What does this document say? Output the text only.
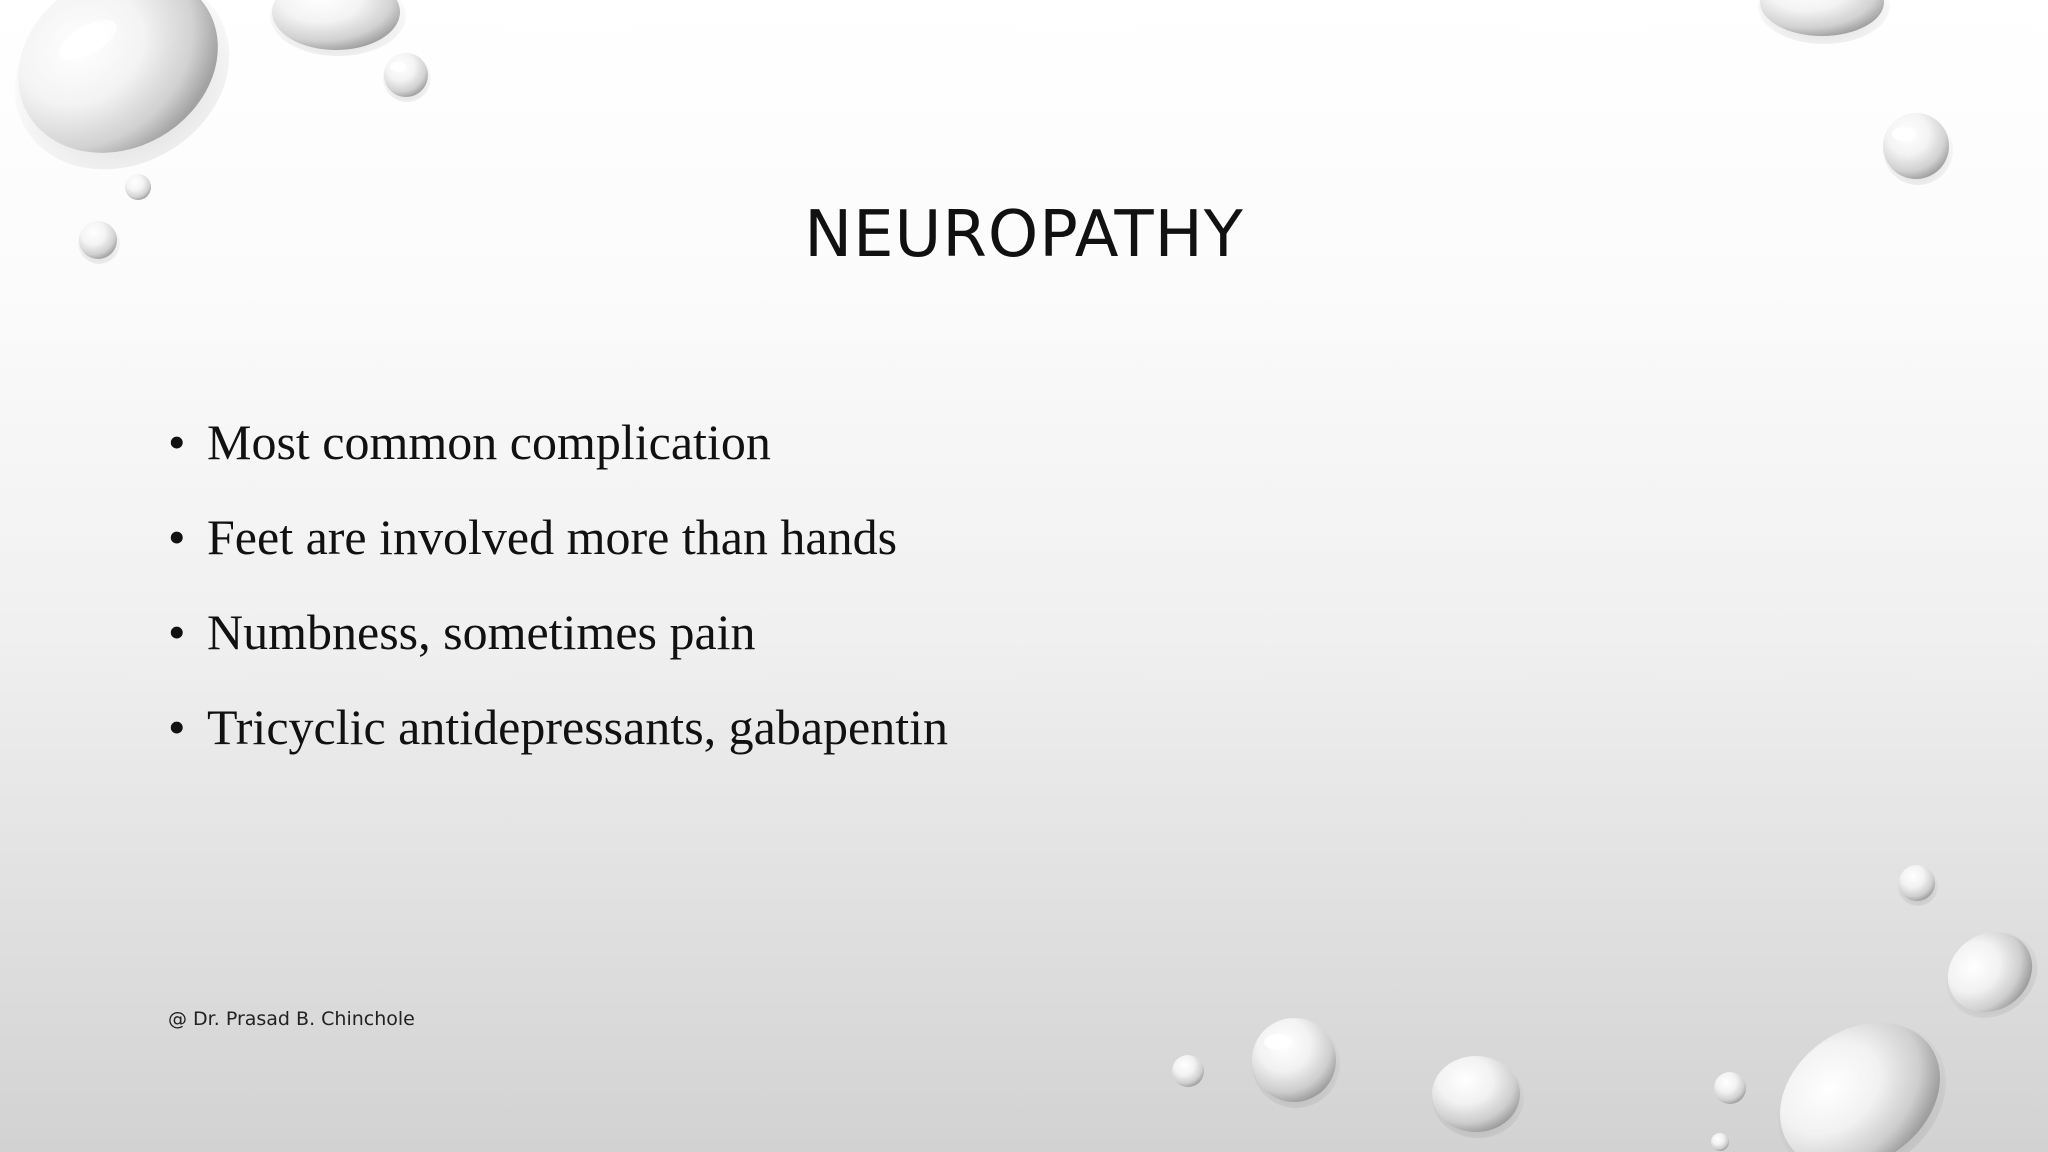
NEUROPATHY
• Most common complication
• Feet are involved more than hands
• Numbness, sometimes pain
• Tricyclic antidepressants, gabapentin
@ Dr. Prasad B. Chinchole
